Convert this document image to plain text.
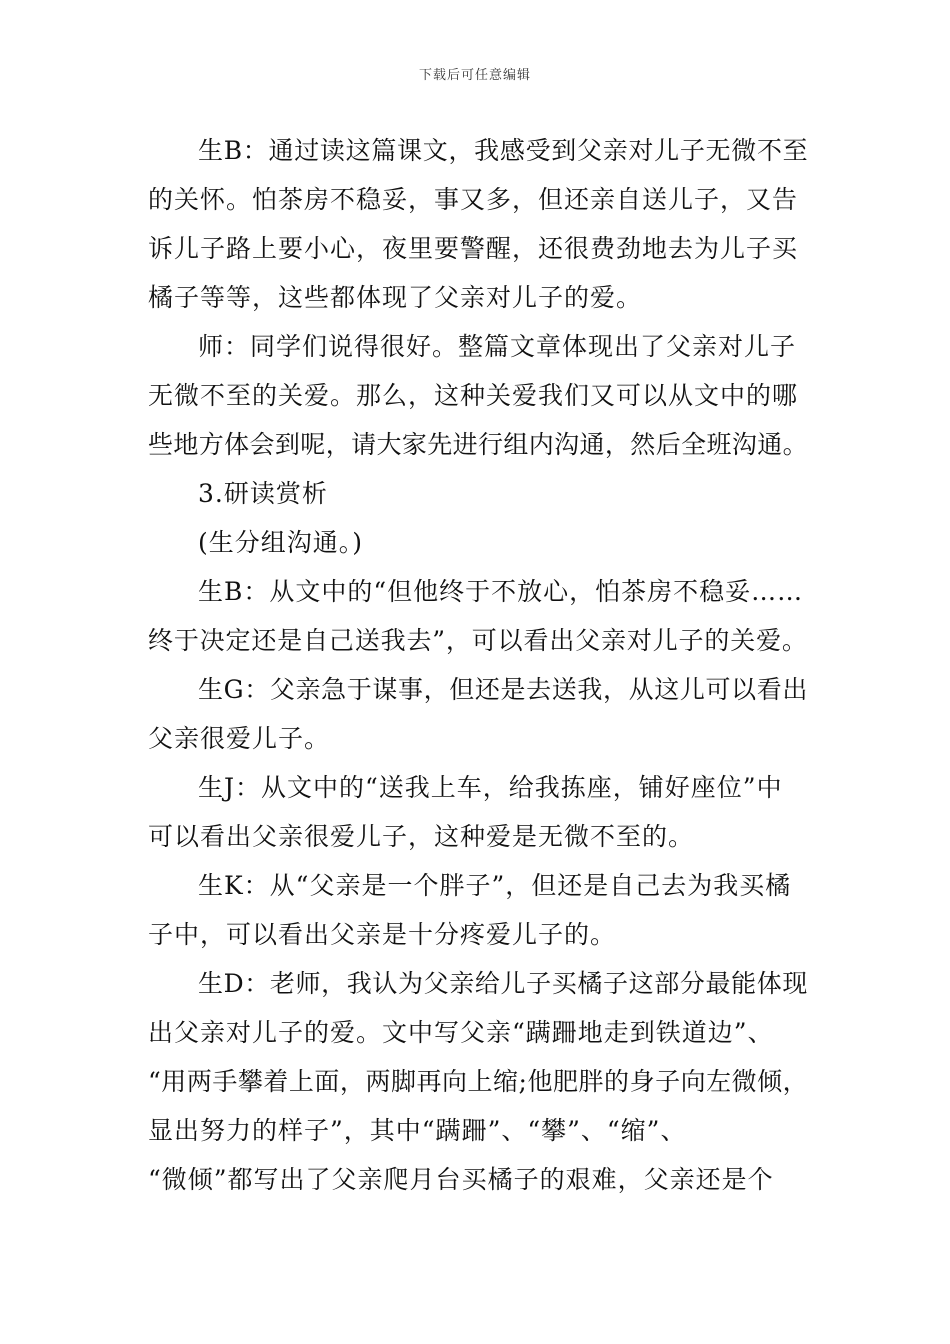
下载后可任意编辑
生B：通过读这篇课文，我感受到父亲对儿子无微不至
的关怀。怕茶房不稳妥，事又多，但还亲自送儿子，又告
诉儿子路上要小心，夜里要警醒，还很费劲地去为儿子买
橘子等等，这些都体现了父亲对儿子的爱。
师：同学们说得很好。整篇文章体现出了父亲对儿子
无微不至的关爱。那么，这种关爱我们又可以从文中的哪
些地方体会到呢，请大家先进行组内沟通，然后全班沟通。
3.研读赏析
(生分组沟通。)
生B：从文中的“但他终于不放心，怕茶房不稳妥……
终于决定还是自己送我去”，可以看出父亲对儿子的关爱。
生G：父亲急于谋事，但还是去送我，从这儿可以看出
父亲很爱儿子。
生J：从文中的“送我上车，给我拣座，铺好座位”中
可以看出父亲很爱儿子，这种爱是无微不至的。
生K：从“父亲是一个胖子”，但还是自己去为我买橘
子中，可以看出父亲是十分疼爱儿子的。
生D：老师，我认为父亲给儿子买橘子这部分最能体现
出父亲对儿子的爱。文中写父亲“蹒跚地走到铁道边”、
“用两手攀着上面，两脚再向上缩;他肥胖的身子向左微倾，
显出努力的样子”，其中“蹒跚”、“攀”、“缩”、
“微倾”都写出了父亲爬月台买橘子的艰难，父亲还是个
